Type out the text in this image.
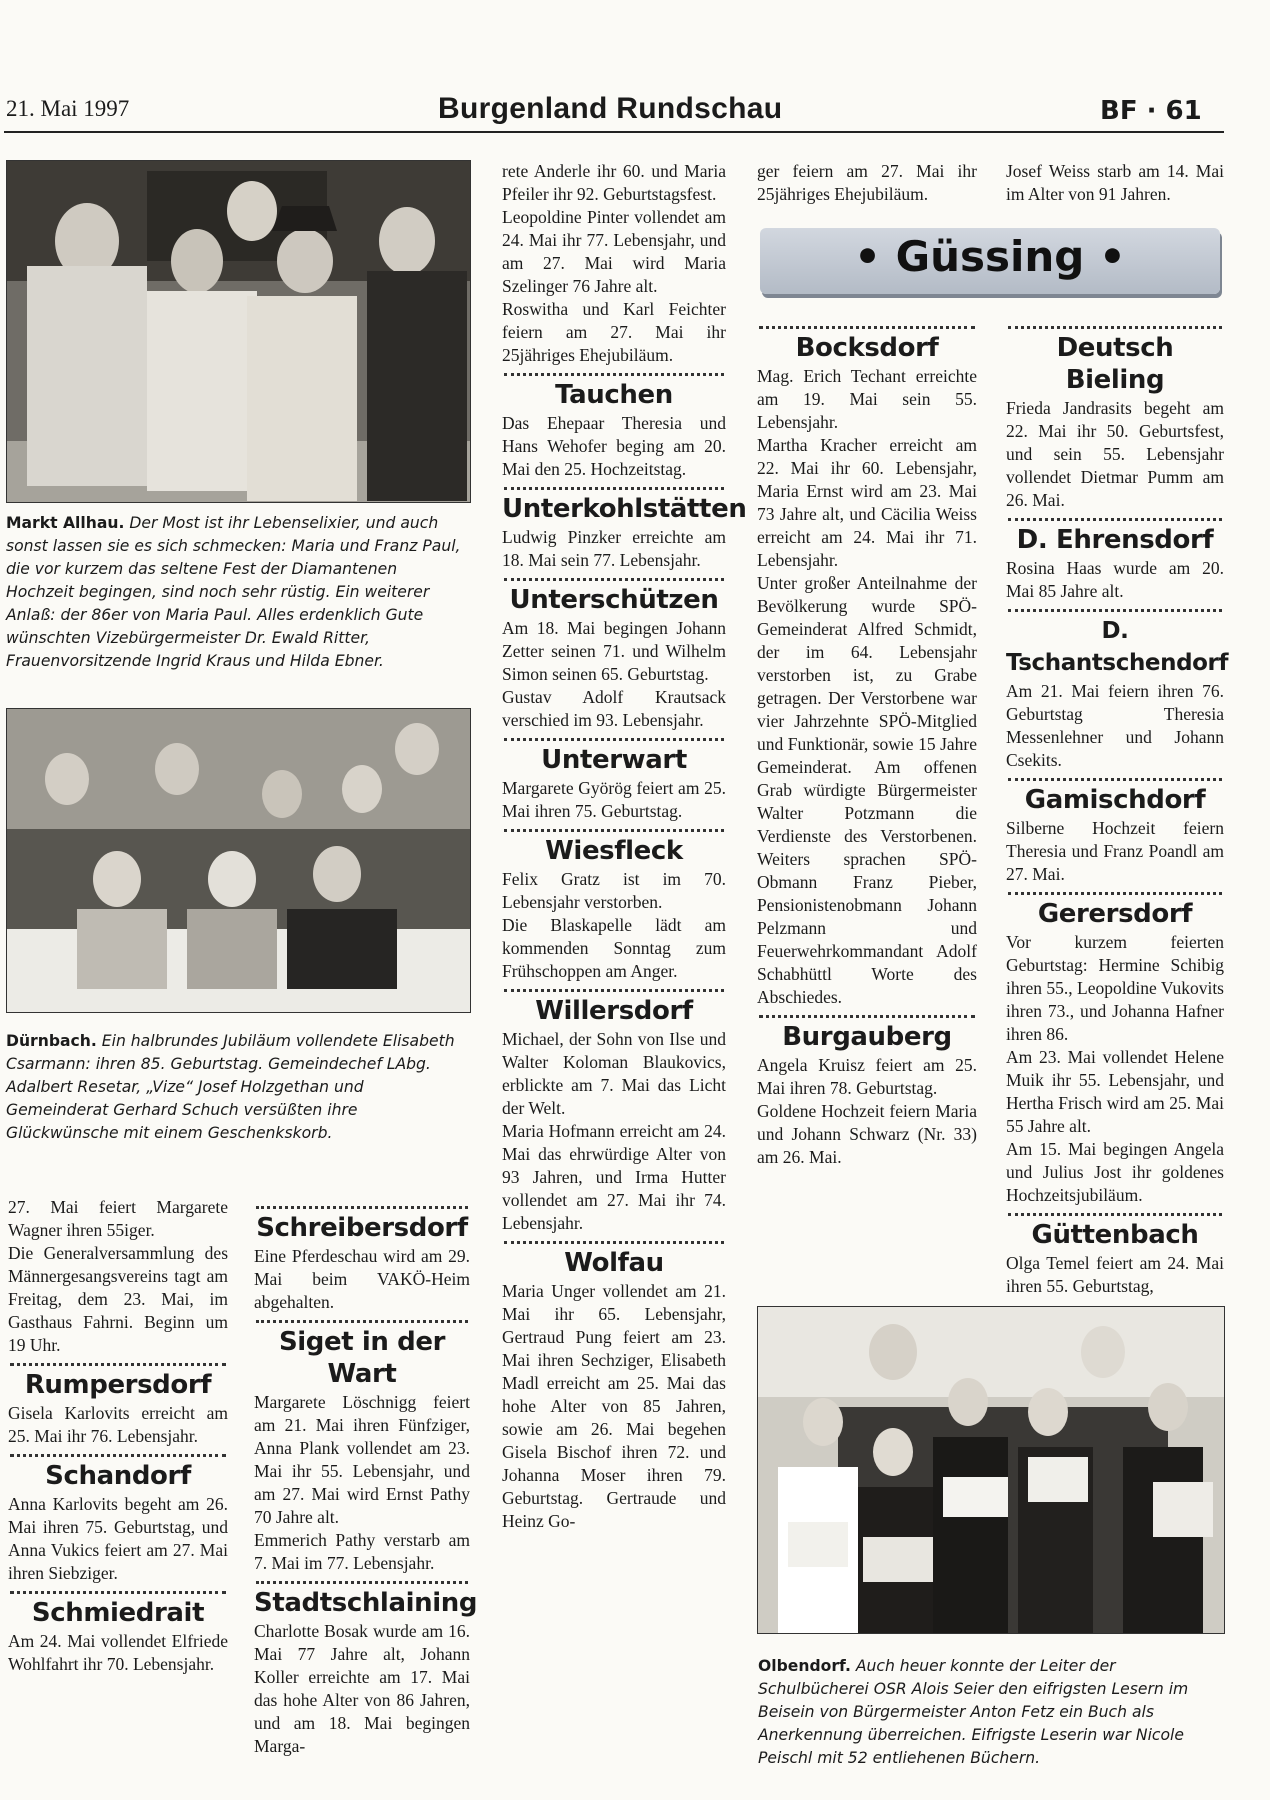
21. Mai 1997	Burgenland Rundschau	BF · 61
Markt Allhau. Der Most ist ihr Lebenselixier, und auch sonst lassen sie es sich schmecken: Maria und Franz Paul, die vor kurzem das seltene Fest der Diamantenen Hochzeit begingen, sind noch sehr rüstig. Ein weiterer Anlaß: der 86er von Maria Paul. Alles erdenklich Gute wünschten Vizebürgermeister Dr. Ewald Ritter, Frauenvorsitzende Ingrid Kraus und Hilda Ebner.
Dürnbach. Ein halbrundes Jubiläum vollendete Elisabeth Csarmann: ihren 85. Geburtstag. Gemeindechef LAbg. Adalbert Resetar, „Vize“ Josef Holzgethan und Gemeinderat Gerhard Schuch versüßten ihre Glückwünsche mit einem Geschenkskorb.

27. Mai feiert Margarete Wagner ihren 55iger.

Die Generalversammlung des Männergesangsvereins tagt am Freitag, dem 23. Mai, im Gasthaus Fahrni. Beginn um 19 Uhr.

Rumpersdorf

Gisela Karlovits erreicht am 25. Mai ihr 76. Lebensjahr.

Schandorf

Anna Karlovits begeht am 26. Mai ihren 75. Geburtstag, und Anna Vukics feiert am 27. Mai ihren Siebziger.

Schmiedrait

Am 24. Mai vollendet Elfriede Wohlfahrt ihr 70. Lebensjahr.

Schreibersdorf

Eine Pferdeschau wird am 29. Mai beim VAKÖ-Heim abgehalten.

Siget in der Wart

Margarete Löschnigg feiert am 21. Mai ihren Fünfziger, Anna Plank vollendet am 23. Mai ihr 55. Lebensjahr, und am 27. Mai wird Ernst Pathy 70 Jahre alt.

Emmerich Pathy verstarb am 7. Mai im 77. Lebensjahr.

Stadtschlaining

Charlotte Bosak wurde am 16. Mai 77 Jahre alt, Johann Koller erreichte am 17. Mai das hohe Alter von 86 Jahren, und am 18. Mai begingen Marga-

rete Anderle ihr 60. und Maria Pfeiler ihr 92. Geburtstagsfest.

Leopoldine Pinter vollendet am 24. Mai ihr 77. Lebensjahr, und am 27. Mai wird Maria Szelinger 76 Jahre alt.

Roswitha und Karl Feichter feiern am 27. Mai ihr 25jähriges Ehejubiläum.

Tauchen

Das Ehepaar Theresia und Hans Wehofer beging am 20. Mai den 25. Hochzeitstag.

Unterkohlstätten

Ludwig Pinzker erreichte am 18. Mai sein 77. Lebensjahr.

Unterschützen

Am 18. Mai begingen Johann Zetter seinen 71. und Wilhelm Simon seinen 65. Geburtstag.

Gustav Adolf Krautsack verschied im 93. Lebensjahr.

Unterwart

Margarete Györög feiert am 25. Mai ihren 75. Geburtstag.

Wiesfleck

Felix Gratz ist im 70. Lebensjahr verstorben.

Die Blaskapelle lädt am kommenden Sonntag zum Frühschoppen am Anger.

Willersdorf

Michael, der Sohn von Ilse und Walter Koloman Blaukovics, erblickte am 7. Mai das Licht der Welt.

Maria Hofmann erreicht am 24. Mai das ehrwürdige Alter von 93 Jahren, und Irma Hutter vollendet am 27. Mai ihr 74. Lebensjahr.

Wolfau

Maria Unger vollendet am 21. Mai ihr 65. Lebensjahr, Gertraud Pung feiert am 23. Mai ihren Sechziger, Elisabeth Madl erreicht am 25. Mai das hohe Alter von 85 Jahren, sowie am 26. Mai begehen Gisela Bischof ihren 72. und Johanna Moser ihren 79. Geburtstag. Gertraude und Heinz Go-

• Güssing •

ger feiern am 27. Mai ihr 25jähriges Ehejubiläum.

Bocksdorf

Mag. Erich Techant erreichte am 19. Mai sein 55. Lebensjahr.

Martha Kracher erreicht am 22. Mai ihr 60. Lebensjahr, Maria Ernst wird am 23. Mai 73 Jahre alt, und Cäcilia Weiss erreicht am 24. Mai ihr 71. Lebensjahr.

Unter großer Anteilnahme der Bevölkerung wurde SPÖ-Gemeinderat Alfred Schmidt, der im 64. Lebensjahr verstorben ist, zu Grabe getragen. Der Verstorbene war vier Jahrzehnte SPÖ-Mitglied und Funktionär, sowie 15 Jahre Gemeinderat. Am offenen Grab würdigte Bürgermeister Walter Potzmann die Verdienste des Verstorbenen. Weiters sprachen SPÖ-Obmann Franz Pieber, Pensionistenobmann Johann Pelzmann und Feuerwehrkommandant Adolf Schabhüttl Worte des Abschiedes.

Burgauberg

Angela Kruisz feiert am 25. Mai ihren 78. Geburtstag.

Goldene Hochzeit feiern Maria und Johann Schwarz (Nr. 33) am 26. Mai.

Josef Weiss starb am 14. Mai im Alter von 91 Jahren.

Deutsch Bieling

Frieda Jandrasits begeht am 22. Mai ihr 50. Geburtsfest, und sein 55. Lebensjahr vollendet Dietmar Pumm am 26. Mai.

D. Ehrensdorf

Rosina Haas wurde am 20. Mai 85 Jahre alt.

D. Tschantschendorf

Am 21. Mai feiern ihren 76. Geburtstag Theresia Messenlehner und Johann Csekits.

Gamischdorf

Silberne Hochzeit feiern Theresia und Franz Poandl am 27. Mai.

Gerersdorf

Vor kurzem feierten Geburtstag: Hermine Schibig ihren 55., Leopoldine Vukovits ihren 73., und Johanna Hafner ihren 86.

Am 23. Mai vollendet Helene Muik ihr 55. Lebensjahr, und Hertha Frisch wird am 25. Mai 55 Jahre alt.

Am 15. Mai begingen Angela und Julius Jost ihr goldenes Hochzeitsjubiläum.

Güttenbach

Olga Temel feiert am 24. Mai ihren 55. Geburtstag,

Olbendorf. Auch heuer konnte der Leiter der Schulbücherei OSR Alois Seier den eifrigsten Lesern im Beisein von Bürgermeister Anton Fetz ein Buch als Anerkennung überreichen. Eifrigste Leserin war Nicole Peischl mit 52 entliehenen Büchern.
